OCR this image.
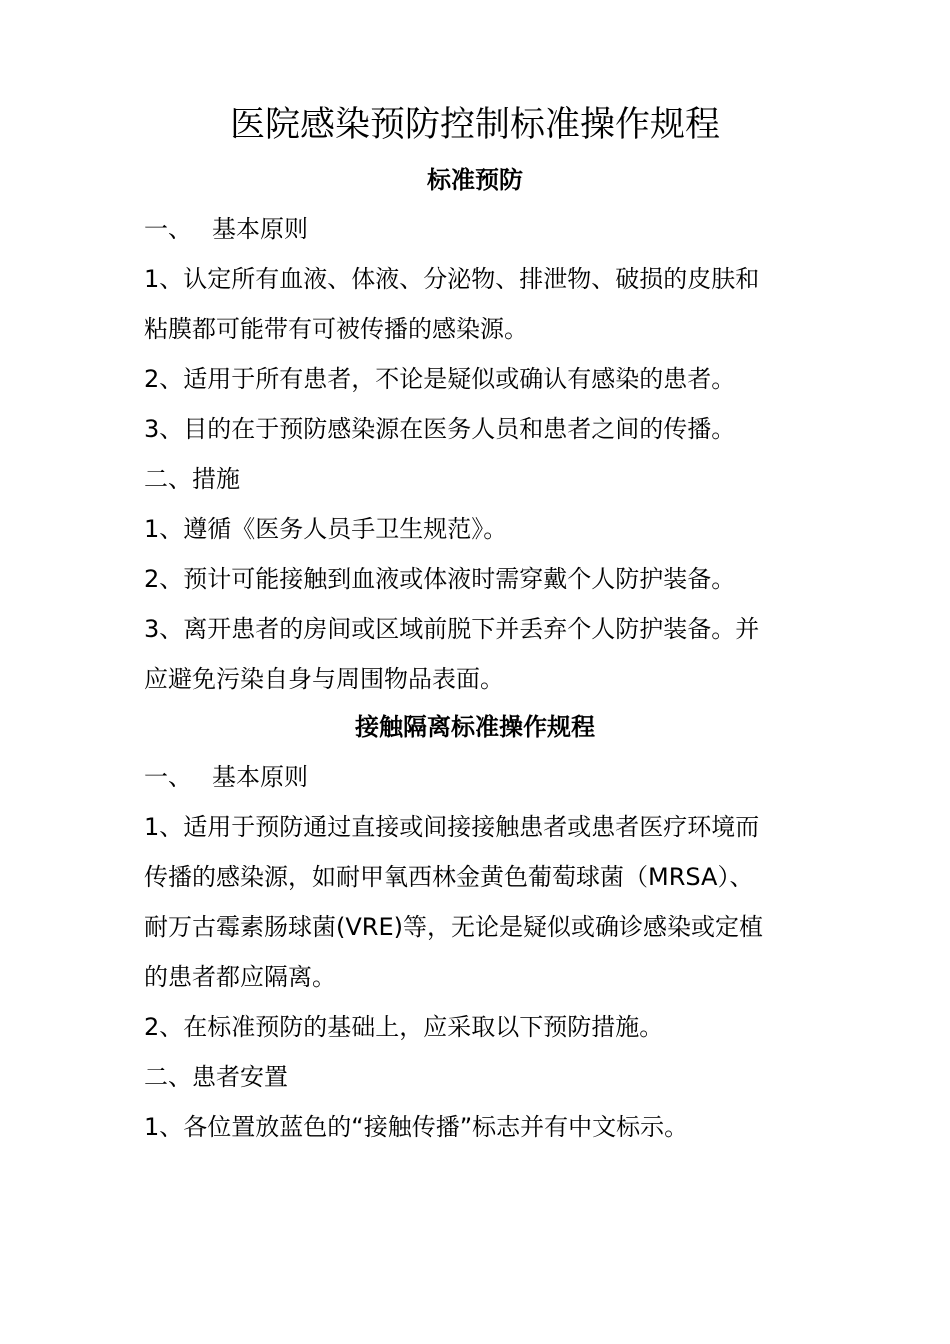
医院感染预防控制标准操作规程
标准预防
一、 基本原则

1、认定所有血液、体液、分泌物、排泄物、破损的皮肤和

粘膜都可能带有可被传播的感染源。

2、适用于所有患者，不论是疑似或确认有感染的患者。

3、目的在于预防感染源在医务人员和患者之间的传播。

二、措施

1、遵循《医务人员手卫生规范》。

2、预计可能接触到血液或体液时需穿戴个人防护装备。

3、离开患者的房间或区域前脱下并丢弃个人防护装备。并

应避免污染自身与周围物品表面。

接触隔离标准操作规程
一、 基本原则

1、适用于预防通过直接或间接接触患者或患者医疗环境而

传播的感染源，如耐甲氧西林金黄色葡萄球菌（MRSA）、

耐万古霉素肠球菌(VRE)等，无论是疑似或确诊感染或定植

的患者都应隔离。

2、在标准预防的基础上，应采取以下预防措施。

二、患者安置

1、各位置放蓝色的“接触传播”标志并有中文标示。
